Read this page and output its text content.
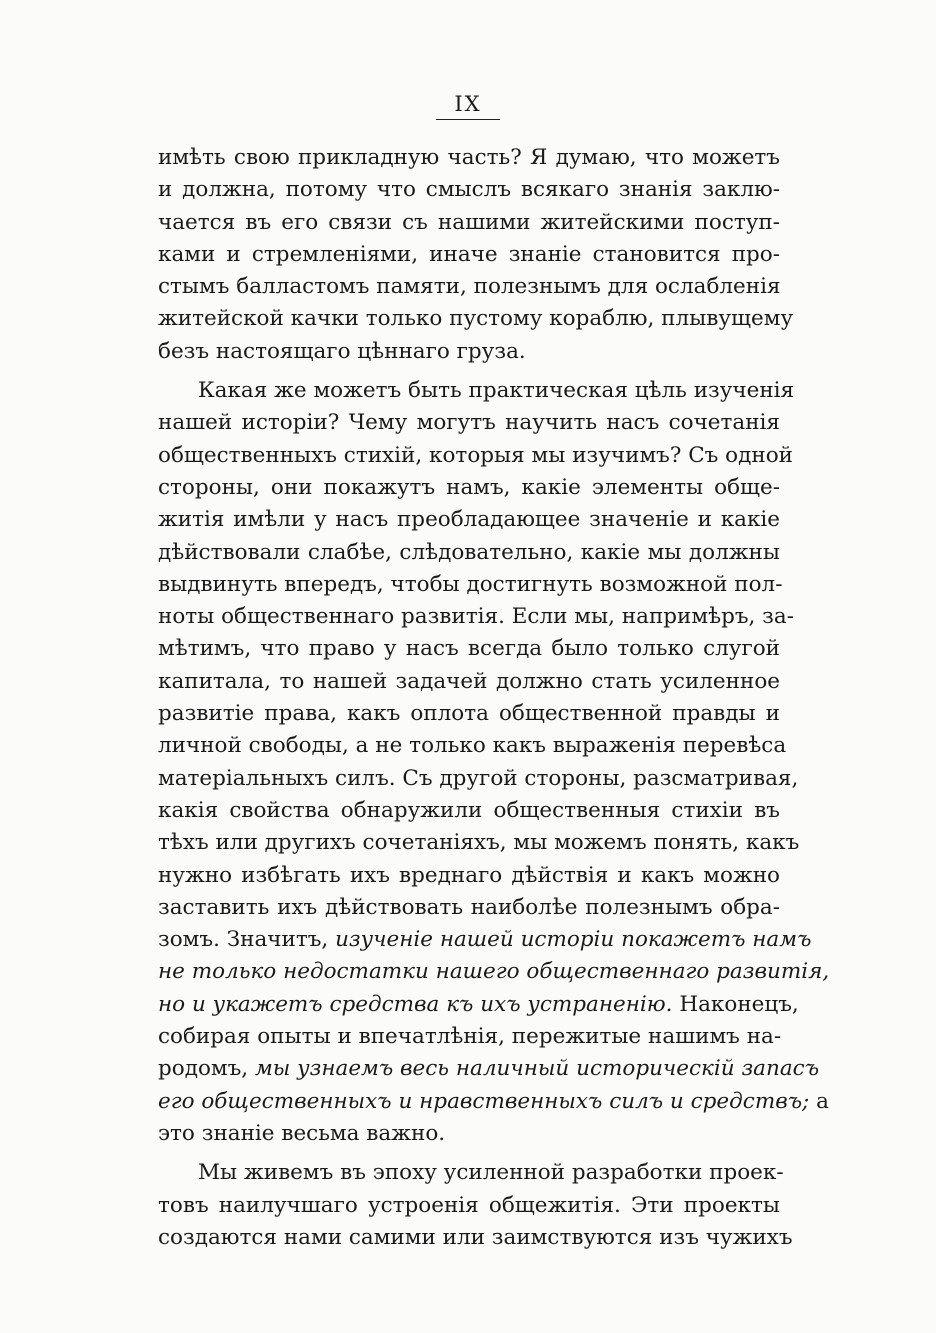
IX
имѣть свою прикладную часть? Я думаю, что можетъ
и должна, потому что смыслъ всякаго знанія заклю-
чается въ его связи съ нашими житейскими поступ-
ками и стремленіями, иначе знаніе становится про-
стымъ балластомъ памяти, полезнымъ для ослабленія
житейской качки только пустому кораблю, плывущему
безъ настоящаго цѣннаго груза.
Какая же можетъ быть практическая цѣль изученія
нашей исторіи? Чему могутъ научить насъ сочетанія
общественныхъ стихій, которыя мы изучимъ? Съ одной
стороны, они покажутъ намъ, какіе элементы обще-
житія имѣли у насъ преобладающее значеніе и какіе
дѣйствовали слабѣе, слѣдовательно, какіе мы должны
выдвинуть впередъ, чтобы достигнуть возможной пол-
ноты общественнаго развитія. Если мы, напримѣръ, за-
мѣтимъ, что право у насъ всегда было только слугой
капитала, то нашей задачей должно стать усиленное
развитіе права, какъ оплота общественной правды и
личной свободы, а не только какъ выраженія перевѣса
матеріальныхъ силъ. Съ другой стороны, разсматривая,
какія свойства обнаружили общественныя стихіи въ
тѣхъ или другихъ сочетаніяхъ, мы можемъ понять, какъ
нужно избѣгать ихъ вреднаго дѣйствія и какъ можно
заставить ихъ дѣйствовать наиболѣе полезнымъ обра-
зомъ. Значитъ, изученіе нашей исторіи покажетъ намъ
не только недостатки нашего общественнаго развитія,
но и укажетъ средства къ ихъ устраненію. Наконецъ,
собирая опыты и впечатлѣнія, пережитые нашимъ на-
родомъ, мы узнаемъ весь наличный историческій запасъ
его общественныхъ и нравственныхъ силъ и средствъ; а
это знаніе весьма важно.
Мы живемъ въ эпоху усиленной разработки проек-
товъ наилучшаго устроенія общежитія. Эти проекты
создаются нами самими или заимствуются изъ чужихъ
